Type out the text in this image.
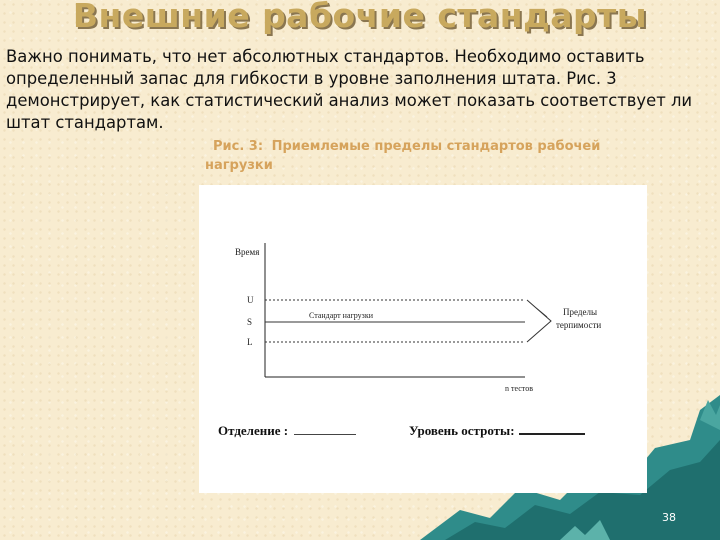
Внешние рабочие стандарты
Важно понимать, что нет абсолютных стандартов. Необходимо оставить определенный запас для гибкости в уровне заполнения штата. Рис. 3 демонстрирует, как статистический анализ может показать соответствует ли штат стандартам.
Рис. 3: Приемлемые пределы стандартов рабочей нагрузки
Время
U
S
L
Стандарт нагрузки
n тестов
Пределы
терпимости
Отделение :	Уровень остроты:
38
